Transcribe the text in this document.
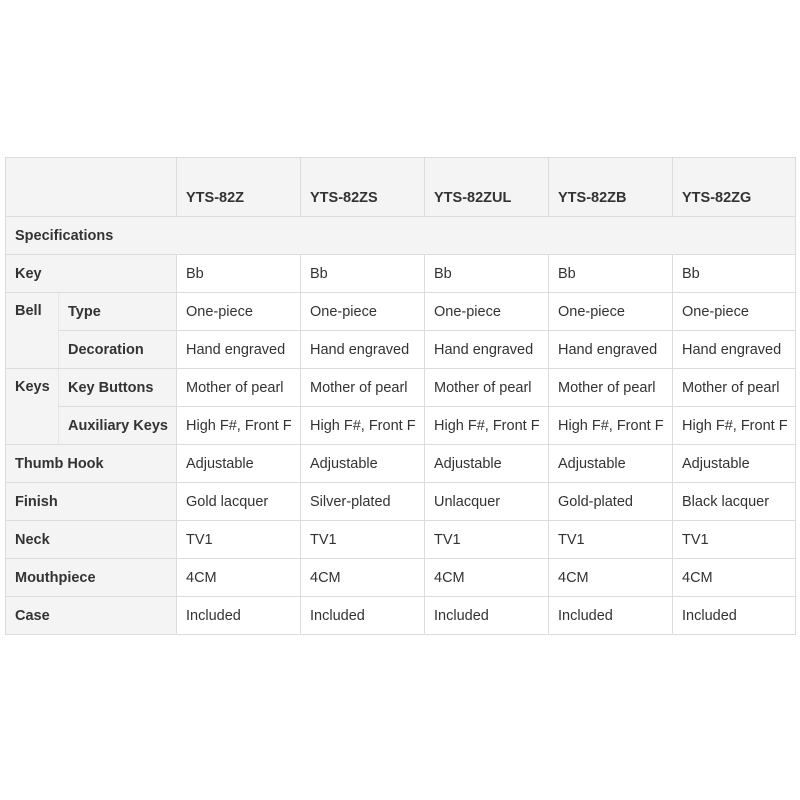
		YTS-82Z	YTS-82ZS	YTS-82ZUL	YTS-82ZB	YTS-82ZG
Specifications						
Key		Bb	Bb	Bb	Bb	Bb
Bell	Type	One-piece	One-piece	One-piece	One-piece	One-piece
	Decoration	Hand engraved	Hand engraved	Hand engraved	Hand engraved	Hand engraved
Keys	Key Buttons	Mother of pearl	Mother of pearl	Mother of pearl	Mother of pearl	Mother of pearl
	Auxiliary Keys	High F#, Front F	High F#, Front F	High F#, Front F	High F#, Front F	High F#, Front F
Thumb Hook		Adjustable	Adjustable	Adjustable	Adjustable	Adjustable
Finish		Gold lacquer	Silver-plated	Unlacquer	Gold-plated	Black lacquer
Neck		TV1	TV1	TV1	TV1	TV1
Mouthpiece		4CM	4CM	4CM	4CM	4CM
Case		Included	Included	Included	Included	Included
